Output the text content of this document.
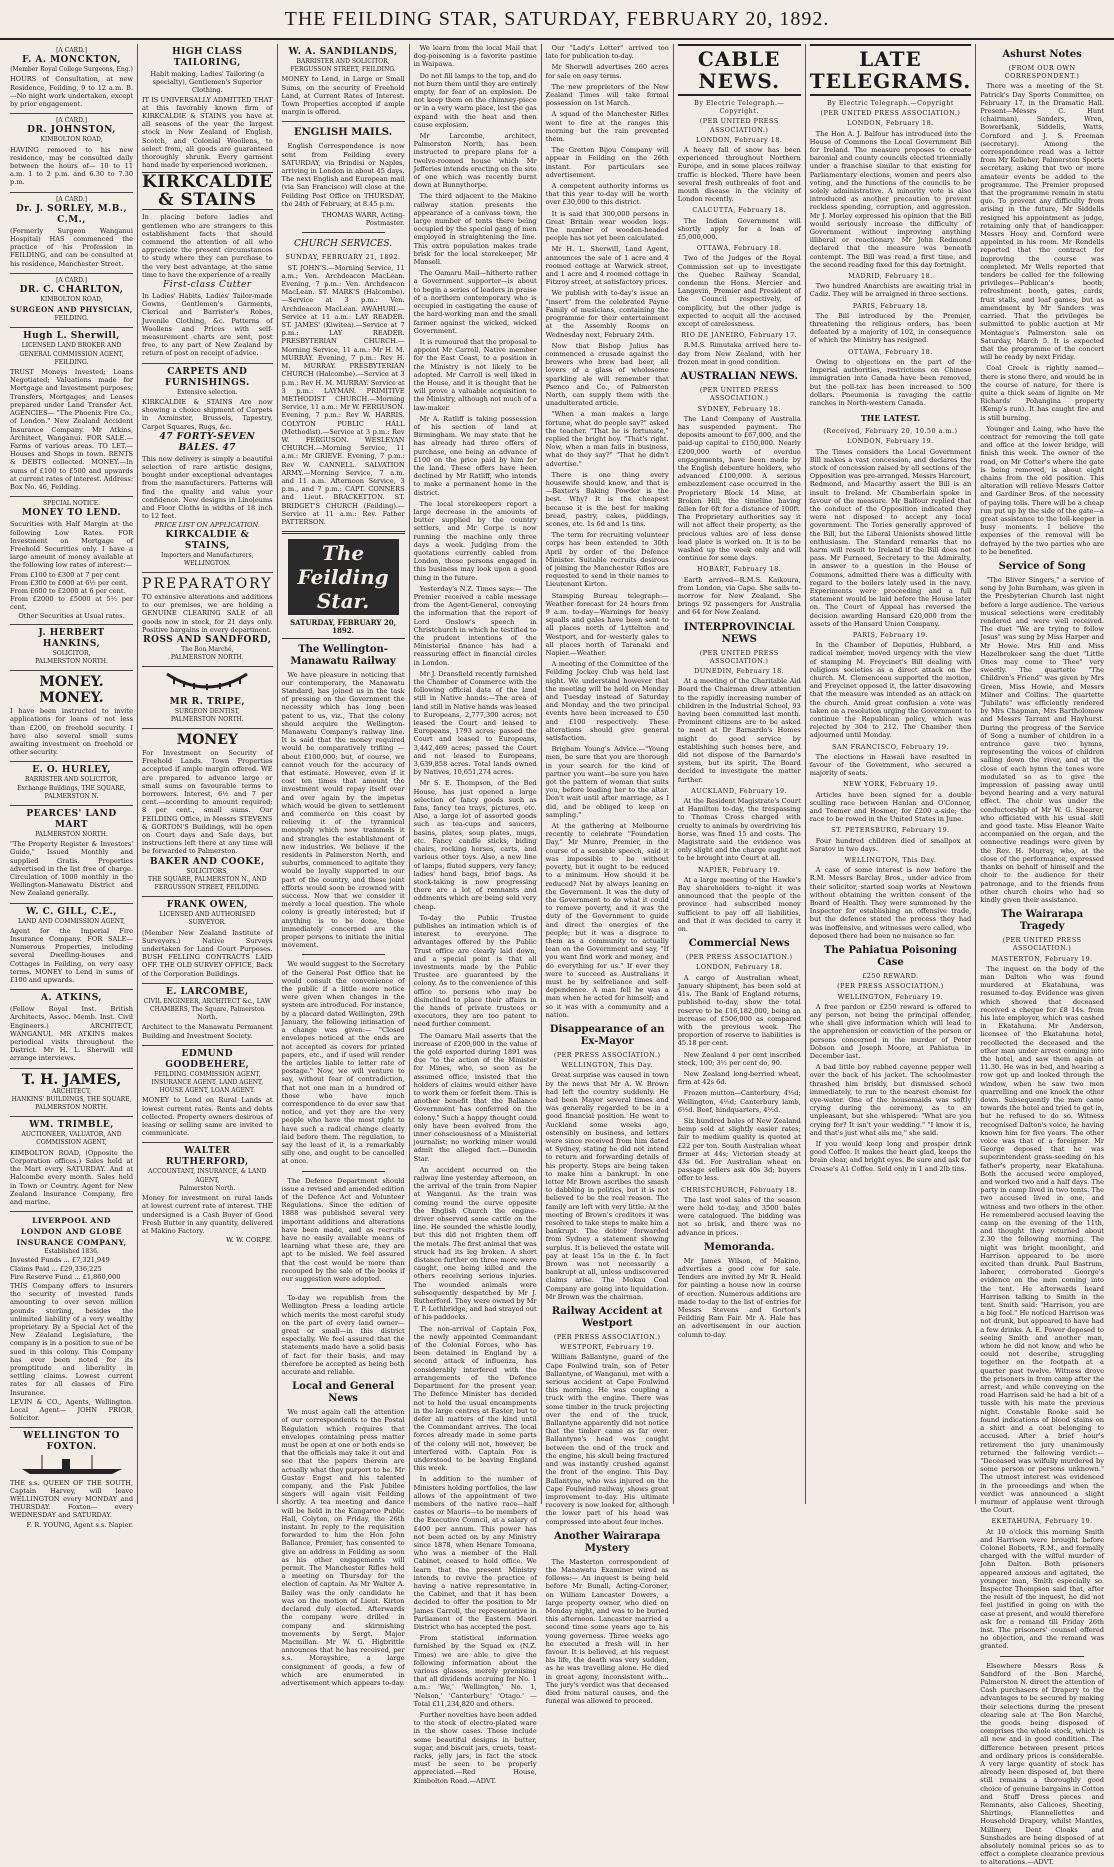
THE FEILDING STAR, SATURDAY, FEBRUARY 20, 1892.
[A CARD.]
F. A. MONCKTON,
(Member Royal College Surgeons, Eng.)

HOURS of Consultation, at new Residence, Feilding, 9 to 12 a.m. B.—No night work undertaken, except by prior engagement.

[A CARD.]
DR. JOHNSTON,
KIMBOLTON ROAD,

HAVING removed to his new residence, may be consulted daily between the hours of— 10 to 11 a.m. 1 to 2 p.m. and 6.30 to 7.30 p.m.

[A CARD.]
Dr. J. SORLEY, M.B., C.M.,

(Formerly Surgeon Wanganui Hospital) HAS commenced the practice of his Profession in FEILDING, and can be consulted at his residence, Manchester Street.

[A CARD.]
DR. C. CHARLTON,
KIMBOLTON ROAD,
SURGEON AND PHYSICIAN,
FEILDING.
Hugh L. Sherwill,
LICENSED LAND BROKER AND GENERAL COMMISSION AGENT, FEILDING.

TRUST Moneys Invested; Loans Negotiated; Valuations made for Mortgage and Investment purposes; Transfers, Mortgages, and Leases prepared under Land Transfer Act. AGENCIES— "The Phoenix Fire Co., of London." New Zealand Accident Insurance Company. Mr Atkins, Architect, Wanganui. FOR SALE.—Farms of various areas. TO LET.—Houses and Shops in town. RENTS & DEBTS collected. MONEY.—In sums of £100 to £500 and upwards at current rates of interest. Address: Box No. 46, Feilding.

SPECIAL NOTICE.
MONEY TO LEND.

Securities with Half Margin at the following Low Rates. FOR Investment on Mortgage of Freehold Securities only. I have a large amount of money available at the following low rates of interest:—

From £100 to £300 at 7 per cent
From £300 to £600 at 6½ per cent.
From £600 to £2000 at 6 per cent.
From £2000 to £5000 at 5½ per cent.
Other Securities at Usual rates.
J. HERBERT HANKINS,
SOLICITOR,
PALMERSTON NORTH.
MONEY. MONEY.

I have been instructed to invite applications for loans of not less than £200, on freehold security. I have also several small sums awaiting investment on freehold or other security.

E. O. HURLEY,
BARRISTER AND SOLICITOR, Exchange Buildings, THE SQUARE, PALMERSTON N.
PEARCES' LAND MART
PALMERSTON NORTH.

"The Property Register & Investors' Guide," Issued Monthly and supplied Gratis. Properties advertised in the list free of charge. Circulation of 1000 monthly in the Wellington-Manawatu District and New Zealand generally.

W. C. GILL, C.E.,
LAND AND COMMISSION AGENT,

Agent for the Imperial Fire Insurance Company. FOR SALE—Numerous Properties, including several Dwelling-houses and Cottages in Feilding, on very easy terms. MONEY to Lend in sums of £100 and upwards.

A. ATKINS,

(Fellow Royal Inst. British Architects, Assoc. Memb. Inst. Civil Engineers.) ARCHITECT, WANGANUI. MR ATKINS makes periodical visits throughout the District. Mr H. L. Sherwill will arrange interviews.

T. H. JAMES,
ARCHITECT,
HANKINS' BUILDINGS, THE SQUARE, PALMERSTON NORTH.
WM. TRIMBLE,
AUCTIONEER, VALUATOR, AND COMMISSION AGENT,

KIMBOLTON ROAD, (Opposite the Corporation offices.) Sales held at the Mart every SATURDAY. And at Halcombe every month. Sales held in Town or Country. Agent for New Zealand Insurance Company, fire and marine.

LIVERPOOL AND LONDON AND GLOBE INSURANCE COMPANY,
Established 1836.
Invested Funds ... £7,321,949
Claims Paid ... £29,336,225
Fire Reserve Fund ... £1,860,000

THIS Company offers to insurers the security of invested funds amounting to over seven million pounds sterling, besides the unlimited liability of a very wealthy proprietary. By a Special Act of the New Zealand Legislature, the company is in a position to sue or be sued in this colony. This Company has ever been noted for its promptitude and liberality in settling claims. Lowest current rates for all classes of Fire Insurance.

LEVIN & CO., Agents, Wellington. Local Agent— JOHN PRIOR, Solicitor.

WELLINGTON TO FOXTON.

THE s.s. QUEEN OF THE SOUTH, Captain Harvey, will leave WELLINGTON every MONDAY and THURSDAY. Foxton— every WEDNESDAY and SATURDAY.

F. R. YOUNG, Agent s.s. Napier.
HIGH CLASS TAILORING,

Habit making, Ladies' Tailoring (a specialty), Gentlemen's Superior Clothing.

IT IS UNIVERSALLY ADMITTED THAT at this favorably known firm of KIRKCALDIE & STAINS you have at all seasons of the year the largest stock in New Zealand of English, Scotch, and Colonial Woollens, to select from, all goods are guaranteed thoroughly shrunk. Every garment hand made by experienced workmen.

KIRKCALDIE & STAINS

In placing before ladies and gentlemen who are strangers to this establishment facts that should commend the attention of all who appreciate the present circumstances to study where they can purchase to the very best advantage, at the same time to have the experience of a really

First-class Cutter

In Ladies' Habits, Ladies' Tailor-made Gowns, Gentlemen's Garments, Clerical and Barrister's Robes, Juvenile Clothing, &c. Patterns of Woollens and Prices with self-measurement charts are sent, post free, to any part of New Zealand by return of post on receipt of advice.

CARPETS AND FURNISHINGS.
Extensive selection.

KIRKCALDIE & STAINS Are now showing a choice shipment of Carpets in Axminster, Brussels, Tapestry, Carpet Squares, Rugs, &c.

47 FORTY-SEVEN BALES. 47

This new delivery is simply a beautiful selection of rare artistic designs, bought under exceptional advantages from the manufacturers. Patterns will find the quality and value your confidence. New designs in Linoleums and Floor Cloths in widths of 18 inch to 12 feet.

PRICE LIST ON APPLICATION.
KIRKCALDIE & STAINS,
Importers and Manufacturers, WELLINGTON.
PREPARATORY

TO extensive alterations and additions to our premises, we are holding a GENUINE CLEARING SALE of all goods now in stock, for 21 days only. Positive bargains in every department.

ROSS AND SANDFORD,
The Bon Marché,
PALMERSTON NORTH.
MR R. TRIPE,
SURGEON DENTIST,
PALMERSTON NORTH.
MONEY

For Investment on Security of Freehold Lands. Town Properties accepted if ample margin offered. WE are prepared to advance large or small sums on favourable terms to borrowers. Interest, 6½ and 7 per cent.—according to amount required; 8 per cent., small sums. Our FEILDING Office, in Messrs STEVENS & GORTON'S Buildings, will be open on Court days and Sale days, but instructions left there at any time will be forwarded to Palmerston.

BAKER AND COOKE,
SOLICITORS,
THE SQUARE, PALMERSTON N., AND FERGUSSON STREET, FEILDING.
FRANK OWEN,
LICENSED AND AUTHORISED SURVEYOR.

(Member New Zealand Institute of Surveyors.) Native Surveys undertaken for Land Court Purposes. BUSH FELLING CONTRACTS LAID OFF. THE OLD SURVEY OFFICE, Back of the Corporation Buildings.

E. LARCOMBE,
CIVIL ENGINEER, ARCHITECT &c., LAW CHAMBERS, The Square, Palmerston North.

Architect to the Manawatu Permanent Building and Investment Society.

EDMUND GOODBEHERE,
FEILDING. COMMISSION AGENT, INSURANCE AGENT, LAND AGENT, HOUSE AGENT, LOAN AGENT.

MONEY to Lend on Rural Lands at lowest current rates. Rents and debts collected. Property owners desirous of leasing or selling same are invited to communicate.

WALTER RUTHERFORD,
ACCOUNTANT, INSURANCE, & LAND AGENT,
Palmerston North.

Money for investment on rural lands at lowest current rate of interest. THE undersigned is a Cash Buyer of Good Fresh Butter in any quantity, delivered at Makino Factory.

W. W. CORPE.
W. A. SANDILANDS,
BARRISTER AND SOLICITOR,
FERGUSSON STREET, FEILDING.

MONEY to Lend, in Large or Small Sums, on the security of Freehold Land, at Current Rates of Interest. Town Properties accepted if ample margin is offered.

ENGLISH MAILS.

English Correspondence is now sent from Feilding every SATURDAY, via Brindisi or Naples, arriving in London in about 45 days. The next English and European mail (via San Francisco) will close at the Feilding Post Office on THURSDAY, the 24th of February, at 8.45 p.m.

THOMAS WARR, Acting-Postmaster.

CHURCH SERVICES.
SUNDAY, FEBRUARY 21, 1892.

ST. JOHN'S.—Morning Service, 11 a.m.; Ven. Archdeacon MacLean. Evening, 7 p.m.: Ven. Archdeacon MacLean. ST. MARK'S (Halcombe).—Service at 3 p.m.: Ven. Archdeacon MacLean. AWAHURI.—Service at 11 a.m.: LAY READER. ST. JAMES' (Kiwitea).—Service at 7 p.m.: LAY READER. PRESBYTERIAN CHURCH.—Morning Service, 11 a.m.: Mr H. M. MURRAY. Evening, 7 p.m.: Rev H. M. MURRAY. PRESBYTERIAN CHURCH (Halcombe).—Service at 3 p.m.: Rev H. M. MURRAY. Service at 3 p.m.: LAYMAN. PRIMITIVE METHODIST CHURCH.—Morning Service, 11 a.m.: Mr W. FERGUSON. Evening, 7 p.m.: Rev W. HARRIS. COLYTON PUBLIC HALL (Methodist).—Service at 3 p.m.: Rev W. FERGUSON. WESLEYAN CHURCH.—Morning Service, 11 a.m.: Mr GRIEVE. Evening, 7 p.m.: Rev W. CANNELL. SALVATION ARMY.—Morning Service, 7 a.m. and 11 a.m. Afternoon Service, 3 p.m., and 7 p.m.: CAPT. CONNERS and Lieut. BRACKETTON. ST. BRIDGET'S CHURCH (Feilding).—Service at 11 a.m.: Rev. Father PATTERSON.

The Feilding Star.
SATURDAY, FEBRUARY 20, 1892.
The Wellington-Manawatu Railway

We have pleasure in noticing that our contemporary, the Manawatu Standard, has joined us in the task of pressing on the Government the necessity which has long been patent to us, viz., That the colony should acquire the Wellington-Manawatu Company's railway line. It is said that the money required would be comparatively trifling —about £100,000; but, of course, we cannot vouch for the accuracy of that estimate. However, even if it cost ten times that amount the investment would repay itself over and over again by the impetus which would be given to settlement and commerce on this coast by relieving it of the tyrannical monopoly which now trammels it and strangles the establishment of new industries. We believe if the residents in Palmerston North, and suburbs, commenced to agitate they would be loyally supported in our part of the country, and these joint efforts would soon be crowned with success. Now that we consider it merely a local question. The whole colony is greatly interested; but if anything is to be done, those immediately concerned are the proper persons to initiate the initial movement.

We would suggest to the Secretary of the General Post Office that he would consult the convenience of the public if a little more notice were given when changes in the system are introduced. For instance, by a placard dated Wellington, 29th January, the following intimation of a change was given:— "Closed envelopes noticed at the ends are not accepted as covers for printed papers, etc., and if used will render the articles liable to letter rate of postage." Now, we will venture to say, without fear of contradiction, that not one man in a hundred of those who have much correspondence to do ever saw that notice, and yet they are the very people who have the most right to have such a radical change clearly laid before them. The regulation, to say the least of it, is a remarkably silly one, and ought to be cancelled at once.

The Defence Department should issue a revised and amended edition of the Defence Act and Volunteer Regulations. Since the edition of 1888 was published several very important additions and alterations have been made, and as recruits have no easily available means of learning what these are, they are apt to be misled. We feel assured that the cost would be more than recouped by the sale of the books if our suggestion were adopted.

To-day we republish from the Wellington Press a leading article which merits the most careful study on the part of every land owner—great or small—in this district especially. We feel assured that the statements made have a solid basis of fact for their basis, and may therefore be accepted as being both accurate and reliable.

Local and General News

We must again call the attention of our correspondents to the Postal Regulation which requires that envelopes containing press matter must be open at one or both ends so that the officials may take it out and see that the papers therein are actually what they purport to be. Mr Gustav Engst and his talented company, and the Fisk Jubilee singers will again visit Feilding shortly. A tea meeting and dance will be held in the Kangaroo Public Hall, Colyton, on Friday, the 26th instant. In reply to the requisition forwarded to him the Hon John Ballance, Premier, has consented to give an address in Feilding as soon as his other engagements will permit. The Manchester Rifles held a meeting on Thursday for the election of captain. As Mr Walter A. Bailey was the only candidate he was on the motion of Lieut. Kirton declared duly elected. Afterwards the company were drilled in company and skirmishing movements by Sergt. Major Macmillan. Mr W. G. Higbrittle announces that he has received, per s.s. Morayshire, a large consignment of goods, a few of which are enumerated in advertisement which appears to-day.

We learn from the local Mail that dog-poisoning is a favorite pastime in Waipawa.

Do not fill lamps to the top, and do not burn them until they are entirely empty, for fear of an explosion. Do not keep them on the chimney-piece or in a very warm place, lest the gas expand with the heat and then cause explosion.

Mr Larcombe, architect, Palmerston North, has been instructed to prepare plans for a twelve-roomed house which Mr Jefferies intends erecting on the site of one which was recently burnt down at Bunnythorpe.

The third adjacent to the Makino railway station presents the appearance of a canvass town, the large number of tents there being occupied by the special gang of men employed in straightening the line. This extra population makes trade brisk for the local storekeeper, Mr Mansell.

The Oamaru Mail—hitherto rather a Government supporter—is about to begin a series of leaders in praise of a northern contemporary who is occupied in castigating the cause of the hard-working man and the small farmer against the wicked, wicked Government.

It is rumoured that the proposal to appoint Mr Carroll, Native member for the East Coast, to a position in the Ministry is not likely to be adopted. Mr Carroll is well liked in the House, and it is thought that he will prove a valuable acquisition to the Ministry, although not much of a law-maker.

Mr A. Ratliff is taking possession of his section of land at Birmingham. We may state that he has already had three offers of purchase, one being an advance of £100 on the price paid by him for the land. These offers have been declined by Mr Ratliff, who intends to make a permanent home in the district.

The local storekeepers report a large decrease in the amounts of butter supplied by the country settlers, and Mr Corpe is now running the machine only three days a week. Judging from the quotations currently cabled from London, those persons engaged in this business may look upon a good thing in the future.

Yesterday's N.Z. Times says:— The Premier received a cable message from the Agent-General, conveying the information that the report of Lord Onslow's speech in Christchurch in which he testified to the prudent intentions of the Ministerial finance has had a reassuring effect in financial circles in London.

Mr J. Dransfield recently furnished the Chamber of Commerce with the following official data of the land still in Native hands:—The area of land still in Native hands was leased to Europeans, 2,777,300 acres; not leased the Court and leased to Europeans, 1793 acres; passed the Court and leased to Europeans, 3,442,469 acres; passed the Court and not leased to Europeans, 3,639,858 acres. Total lands owned by Natives, 10,651,274 acres.

Mr S. E. Thompson, of the Bed House, has just opened a large selection of fancy goods such as fans, fancy tea trays, pictures, etc. Also, a large lot of assorted goods such as tea-cups and saucers, basins, plates, soup plates, mugs, etc. Fancy candle sticks, biding chairs, rocking horses, carts, and various other toys. Also, a new line of lamps, fluted suppers, very fancy; ladies' hand bags, brief bags. As stock-taking is now progressing there are a lot of remnants and oddments which are being sold very cheap.

To-day the Public Trustee publishes an intimation which is of interest to everyone. The advantages offered by the Public Trust office are clearly laid down, and a special point is that all investments made by the Public Trustee are guaranteed by the colony. As to the convenience of this office to persons who may be disinclined to place their affairs in the hands of private trustees or executors, they are too patent to need further comment.

The Oamaru Mail asserts that the increase of £200,000 in the value of the gold exported during 1891 was due "to the action of the Minister for Mines, who, so soon as he assumed office, insisted that the holders of claims would either have to work them or forfeit them. This is another benefit that the Ballance Government has conferred on the colony." Such a happy thought could only have been evolved from the inner consciousness of a Ministerial journalist; no working miner would admit the alleged fact.—Dunedin Star.

An accident occurred on the railway line yesterday afternoon, on the arrival of the train from Napier at Wanganui. As the train was coming round the curve opposite the English Church the engine-driver observed some cattle on the line. He sounded the whistle loudly, but this did not frighten them off the metals. The first animal that was struck had its leg broken. A short distance further on three more were caught, one being killed and the others receiving serious injuries. The wounded animals were subsequently despatched by Mr J. Rutherford. They were owned by Mr T. P. Lethbridge, and had strayed out of his paddocks.

The non-arrival of Captain Fox, the newly appointed Commandant of the Colonial Forces, who has been detained in England by a second attack of influenza, has considerably interfered with the arrangements of the Defence Department for the present year. The Defence Minister has decided not to hold the usual encampments in the large centres at Easter, but to defer all matters of the kind until the Commandant arrives. The local forces already made in some parts of the colony will not, however, be interfered with. Captain Fox is understood to be leaving England this week.

In addition to the number of Ministers holding portfolios, the law allows of the appointment of two members of the native race—half castes or Maoris—to be members of the Executive Council, at a salary of £400 per annum. This power has not been acted on by any Ministry since 1878, when Henare Tomoana, who was a member of the Hall Cabinet, ceased to hold office. We learn that the present Ministry intends to revive the practice of having a native representative in the Cabinet, and that it has been decided to offer the position to Mr James Carroll, the representative in Parliament of the Eastern Maori District who has accepted the post.

From statistical information furnished by the Squad ex (N.Z. Times) we are able to give the following information about the various glasses, merely premising that all dividends accruing for No. 1 a.m.: 'We,' 'Wellington,' No. 1, 'Nelson,' 'Canterbury,' 'Otago.' — Total £11,234,820 and others.

Further novelties have been added to the stock of electro-plated ware in the show cases. These include some beautiful designs in butter, sugar, and biscuit jars, cruets, toast-racks, jelly jars, in fact the stock must be seen to be properly appreciated.—Red House, Kimbolton Road.—ADVT.

Our "Lady's Letter" arrived too late for publication to-day.

Mr Sherwill advertises 260 acres for sale on easy terms.

The new proprietors of the New Zealand Times will take formal possession on 1st March.

A squad of the Manchester Rifles went to fire at the ranges this morning but the rain prevented them.

The Gretton Bijou Company will appear in Feilding on the 26th instant. For particulars see advertisement.

A competent authority informs us that this year to-day will be worth over £30,000 to this district.

It is said that 300,000 persons in Great Britain wear wooden legs. The number of wooden-headed people has not yet been calculated.

Mr H. L. Sherwill, Land Agent, announces the sale of 1 acre and 4 roomed cottage at Warwick street, and 1 acre and 4 roomed cottage in Fitzroy street, at satisfactory prices.

We publish with to-day's issue an "insert" from the celebrated Payne Family of musicians, containing the programme for their entertainment at the Assembly Rooms on Wednesday next, February 24th.

Now that Bishop Julius has commenced a crusade against the brewers who brew bad beer, all lovers of a glass of wholesome sparkling ale will remember that Psenco and Co., of Palmerston North, can supply them with the unadulterated article.

"When a man makes a large fortune, what do people say?" asked the teacher. "That he is fortunate," replied the bright boy. "That's right. Now, when a man fails in business, what do they say?" "That he didn't advertise."

There is one thing every housewife should know, and that is—Baxter's Baking Powder is the best. Why? It is the cheapest because it is the best for making bread, pastry, cakes, puddings, scones, etc. 1s 6d and 1s tins.

The term for recruiting volunteer corps has been extended to 30th April by order of the Defence Minister. Suitable recruits desirous of joining the Manchester Rifles are requested to send in their names to Lieutenant Kirton.

Stamping Bureau telegraph:—Weather forecast for 24 hours from 9 a.m. to-day—Warnings for heavy squalls and gales have been sent to all places north of Lyttelton and Westport, and for westerly gales to all places north of Taranaki and Napier.—Weather.

A meeting of the Committee of the Feilding Jockey Club was held last night. We understand however that the meeting will be held on Monday and Tuesday instead of Saturday and Monday, and the two principal events have been increased to £50 and £100 respectively. These alterations should give general satisfaction.

Brigham Young's Advice.—"Young men, be sure that you are thorough in your search for the kind of partner you want—be sure you have got the pattern of woman that suits you, before leading her to the altar. Don't wait until after marriage, as I did, and be obliged to keep on sampling."

At the gathering at Melbourne recently to celebrate "Foundation Day," Mr Munro, Premier, in the course of a sensible speech, said it was impossible to be without poverty, but it ought to be reduced to a minimum. How should it be reduced? Not by always leaning on the Government. It was the duty of the Government to do what it could to remove poverty, and it was the duty of the Government to guide and direct the energies of the people; but it was a disgrace to them as a community to actually lean on the Government and say, "If you want find work and money, and do everything for us." If ever they were to succeed as Australians it must be by selfreliance and self-dependence. A man fell he was a man when he acted for himself; and so it was with a community and a nation.

Disappearance of an Ex-Mayor
(PER PRESS ASSOCIATION.)
WELLINGTON, This Day.

Great surprise was caused in town by the news that Mr A. W. Brown had left the country suddenly. He had been Mayor several times and was generally regarded to be in a good financial position. He went to Auckland some weeks ago, ostensibly on business, and letters were since received from him dated at Sydney, stating he did not intend to return and forwarding details of his property. Steps are being taken to make him a bankrupt. In one letter Mr Brown ascribes the smash to dabbling in politics, but it is not believed to be the real reason. The family are left with very little. At the meeting of Brown's creditors it was resolved to take steps to make him a bankrupt. The debtor forwarded from Sydney a statement showing surplus. It is believed the estate will pay at least 15s in the £. In fact Brown was not necessarily a bankrupt at all, unless undiscovered claims arise. The Mokau Coal Company are going into liquidation. Mr Brown was the chairman.

Railway Accident at Westport
(PER PRESS ASSOCIATION.)
WESTPORT, February 19.

William Ballantyne, guard of the Cape Foulwind train, son of Peter Ballantyne, of Wanganui, met with a serious accident at Cape Foulwind this morning. He was coupling a truck with the engine. There was some timber in the truck projecting over the end of the truck, Ballantyne apparently did not notice that the timber came as far over. Ballantyne's head was caught between the end of the truck and the engine, his skull being fractured and was instantly crushed against the front of the engine. This Day. Ballantyne, who was injured on the Cape Foulwind railway, shows great improvement to-day. His ultimate recovery is now looked for, although the lower part of his head was compressed into about four inches.

Another Wairarapa Mystery

The Masterton correspondent of the Manawatu Examiner wired as follows:— An inquest is being held before Mr Bunall, Acting-Coroner, on William Lancaster Dowers, a large property owner, who died on Monday night, and was to be buried this afternoon. Lancaster married a second time some years ago to his young governess. Three weeks ago he executed a fresh will in her favour. It is believed, at his request his life, the death was very sudden, as he was travelling alone. He died in great agony, inconsistent with... The jury's verdict was that deceased died from natural causes, and the funeral was allowed to proceed.

CABLE NEWS.
By Electric Telegraph.—Copyright.
(PER UNITED PRESS ASSOCIATION.)
LONDON, February 18.

A heavy fall of snow has been experienced throughout Northern Europe, and in some places railway traffic is blocked. There have been several fresh outbreaks of foot and mouth disease in the vicinity of London recently.

CALCUTTA, February 18.

The Indian Government will shortly apply for a loan of £5,000,000.

OTTAWA, February 18.

Two of the Judges of the Royal Commission set up to investigate the Quebec Railway Scandal, condemn the Hons. Mercier and Langevin, Premier and President of the Council respectively, of complicity, but the other judge is expected to acquit all the accused except of carelessness.

RIO DE JANEIRO, February 17.

R.M.S. Rimutaka arrived here to-day from New Zealand, with her frozen meat in good condition.

AUSTRALIAN NEWS.
(PER UNITED PRESS ASSOCIATION.)
SYDNEY, February 18.

The Land Company of Australia has suspended payment. The deposits amount to £67,000, and the paid-up capital to £150,000. Nearly £200,000 worth of overdue engagements, have been made by the English debenture holders, who advanced £100,000. A serious embezzlement case occurred in the Proprietary Block 14 Mine, at Broken Hill, the timeline having fallen for 6ft for a distance of 100ft. The Proprietary authorities say it will not affect their property, as the precious values are of less dense load place is worked on. It is to be washed up the week only and will continue for some days.

HOBART, February 18.

Earth arrived—R.M.S. Kaikoura, from London, via Cape. She sails to-morrow for New Zealand. She brings 92 passengers for Australia and 64 for New Zealand.

INTERPROVINCIAL NEWS
(PER UNITED PRESS ASSOCIATION.)
DUNEDIN, February 18.

At a meeting of the Charitable Aid Board the Chairman drew attention to the rapidly increasing number of children in the Industrial School, 93 having been committed last month. Prominent citizens are to be asked to meet at Dr Barnardo's Homes might do good service by establishing such homes here, and did not dispose of the Barnardo's system, but its spirit. The Board decided to investigate the matter further.

AUCKLAND, February 19.

At the Resident Magistrate's Court at Hamilton to-day, the trespassing to Thomas Cross charged with cruelty to animals by overdriving his horse, was fined 15 and costs. The Magistrate said the evidence was only slight and the charge ought not to be brought into Court at all.

NAPIER, February 19.

At a large meeting of the Hawke's Bay shareholders to-night it was announced that the people of the province had subscribed money sufficient to pay off all liabilities, and that it was decided to carry it on.

Commercial News
(PER PRESS ASSOCIATION.)
LONDON, February 18.

A cargo of Australian wheat, January shipment, has been sold at 41s. The Bank of England returns, published to-day, show the total reserve to be £16,182,000, being an increase of £506,000 as compared with the previous week. The proportion of reserve to liabilities is 45.18 per cent.

New Zealand 4 per cent inscribed stock, 100; 3½ per cent do, 90.

New Zealand long-berried wheat, firm at 42s 6d.

Frozen mutton—Canterbury, 4½d; Wellington, 4½d; Canterbury lamb, 6½d. Beef, hindquarters, 4½d.

Six hundred bales of New Zealand hemp sold at slightly easier rates; fair to medium quality is quoted at £22 per ton. South Australian wheat firmer at 44s; Victorian steady at 43s 6d. For Australian wheat on passage sellers ask 40s 3d; buyers offer to less.

CHRISTCHURCH, February 18.

The last wool sales of the season were held to-day, and 3500 bales were catalogued. The bidding was not so brisk, and there was no advance in prices.

Memoranda.

Mr James Wilson, of Makino, advertises a good cow for sale. Tenders are invited by Mr R. Heald for painting a house now in course of erection. Numerous additions are made to-day to the list of entries for Messrs Stevens and Gorton's Feilding Ram Fair. Mr A. Hale has an advertisement in our auction column to-day.

LATE TELEGRAMS.
By Electric Telegraph.—Copyright
(PER UNITED PRESS ASSOCIATION.)
LONDON, February 18.

The Hon A. J. Balfour has introduced into the House of Commons the Local Government Bill for Ireland. The measure proposes to create baronial and county councils elected triennially under a franchise similar to that existing for Parliamentary elections, women and peers also voting, and the functions of the councils to be solely administrative. A minority vote is also introduced as another precaution to prevent reckless spending, corruption, and aggression. Mr J. Morley expressed his opinion that the Bill would seriously increase the difficulty of Government without improving anything illiberal or reactionary. Mr John Redmond declared that the measure was beneath contempt. The Bill was read a first time, and the second reading fixed for this day fortnight.

MADRID, February 18.

Two hundred Anarchists are awaiting trial in Cadiz. They will be arraigned in three sections.

PARIS, February 18.

The Bill introduced by the Premier, threatening the religious orders, has been defeated by a majority of 102, in consequence of which the Ministry has resigned.

OTTAWA, February 18.

Owing to objections on the part of the Imperial authorities, restrictions on Chinese immigration into Canada have been removed, but the poll-tax has been increased to 500 dollars. Pneumonia is ravaging the cattle ranches in North-western Canada.

THE LATEST.
(Received, February 20, 10.50 a.m.)
LONDON, February 19.

The Times considers the Local Government Bill makes a vast concession, and declares the stock of concession raised by all sections of the Opposition was pre-arranged. Messrs Harcourt, Redmond, and Macarthy assert the Bill is an insult to Ireland. Mr Chamberlain spoke in favour of the measure. Mr Balfour replied that the conduct of the Opposition indicated they were not disposed to accept any local government. The Tories generally approved of the Bill, but the Liberal Unionists showed little enthusiasm. The Standard remarks that no harm will result to Ireland if the Bill does not pass. Mr Furnoed, Secretary to the Admiralty, in answer to a question in the House of Commons, admitted there was a difficulty with regard to the boilers lately used in the navy. Experiments were proceeding and a full statement would be laid before the House later on. The Court of Appeal has reversed the decision awarding Hansard £20,000 from the assets of the Hansard Union Company.

PARIS, February 19.

In the Chamber of Deputies, Hubbard, a radical member, moved urgency with the view of stamping M. Freycinet's Bill dealing with religious societies as a direct attack on the church. M. Clemenceau supported the motion, and Freycinet opposed it, the latter disavowing that the measure was intended as an attack on the church. Amid great confusion a vote was taken on a resolution urging the Government to continue the Republican policy, which was rejected by 304 to 212. The Chamber then adjourned until Monday.

SAN FRANCISCO, February 19.

The elections in Hawaii have resulted in favour of the Government, who secured a majority of seats.

NEW YORK, February 19.

Articles have been signed for a double sculling race between Hanlan and O'Connor, and Teemer and Hosmer, for £200 a-side; the race to be rowed in the United States in June.

ST. PETERSBURG, February 19.

Four hundred children died of smallpox at Saratov in two days.

WELLINGTON, This Day.

A case of some interest is now before the R.M. Messrs Barclay Bros., under advice from their solicitor, started soap works at Newtown without obtaining the written consent of the Board of Health. They were summoned by the Inspector for establishing an offensive trade, but the defence stated the process they had was inoffensive, and witnesses were called, who deposed there had been no nuisance so far.

The Pahiatua Poisoning Case
£250 REWARD.
(PER PRESS ASSOCIATION.)
WELLINGTON, February 19.

A free pardon or £250 reward is offered to any person, not being the principal offender, who shall give information which will lead to the apprehension or conviction of the person or persons concerned in the murder of Peter Dobson and Joseph Moore, at Pahiatua in December last.

A bad little boy rubbed cayenne pepper well over the back of his jacket. The schoolmaster thrashed him briskly, but dismissed school immediately, to run to the nearest chemist for eye-water. One of the housemaids was softly crying during the ceremony, as to an unpleasant, but she whispered: "What are you crying for? It isn't your wedding." "I know it is, and that's just what ails me," she said.

If you would keep long and prosper drink good Coffee. It makes the heart glad, keeps the brain clear, and bright eyes. Be sure and ask for Crease's A1 Coffee. Sold only in 1 and 2lb tins.

Ashurst Notes
(FROM OUR OWN CORRESPONDENT.)

There was a meeting of the St. Patrick's Day Sports Committee, on February 17, in the Dramatic Hall. Present—Messrs C. Hunt (chairman), Sanders, Wren, Bowerbank, Siddells, Watts, Cornford and J. S. Freeman (secretary). Among the correspondence read was a letter from Mr Kelleher, Palmerston Sports secretary, asking that two or more amateur events be added to the programme. The Premier proposed that the programme remain in statu quo. To prevent any difficulty from arising in the future, Mr Siddells resigned his appointment as judge, retaining only that of handicapper. Messrs Hoey and Cornford were appointed in his room. Mr Rendells reported that the contract for improving the course was completed. Mr Wells reported that tenders be called for the following privileges—Publican's booth, refreshment booth, gates, cards, fruit stalls, and loaf games, but as amendment by Mr Sanders was carried. That the privileges be submitted to public auction at Mr Montague's Palmerston sale on Saturday, March 5. It is expected that the programme of the concert will be ready by next Friday.

Coal Creek is rightly named—there is stone there, and would be in the course of nature, for there is quite a thick seam of lignite on Mr Richards' Pohangina property (Kemp's run). It has caught fire and is still burning.

Younger and Laing, who have the contract for removing the toll gate and office at the lower bridge, will finish this week. The owner of the road, on Mr Cotter's where the gate is being removed, is about eight chains from the old position. This alteration will relieve Messrs Cotter and Gardiner Bros. of the necessity of paying tolls. There will be a cheap run put up by the side of the gate—a great assistance to the toll-keeper in busy moments. I believe the expenses of the removal will be defrayed by the two parties who are to be benefited.

Service of Song

"The Bliver Singers," a service of song by John Burnham, was given in the Presbyterian Church last night before a large audience. The various musical selections were creditably rendered and were well received. The duet "We are trying to follow Jesus" was sung by Miss Harper and Mr Howe. Mrs Hill and Miss Hazelbrokeer sang the duet "Little Ones may come to Thee" very sweetly. The quartette "The Children's Friend" was given by Mrs Green, Miss Howie, and Messrs Milner and Collins. The quartette "Jubilate" was efficiently rendered by Mrs Chapman, Mrs Bartholomew and Messrs Tarrant and Hayhurst. During the progress of the Service of Song a number of children in a entrance gave two hymns, representing the voices of children sailing down the river, and at the close of each hymn the tones were modulated so as to give the impression of passing away until beyond hearing and a very natural effect. The choir was under the conductorship of Mr W. G. Shearer, who officiated with his usual skill and good taste. Miss Eleanor Waite accompanied on the organ, and the connective readings were given by the Rev. H. Murray, who, at the close of the performance, expressed thanks on behalf of himself and the choir to the audience for their patronage, and to the friends from other church choirs who had so kindly given their assistance.

The Wairarapa Tragedy
(PER UNITED PRESS ASSOCIATION.)
MASTERTON, February 19.

The inquest on the body of the man Dalton who was found murdered at Ekatahuna, was resumed to-day. Evidence was given which showed that deceased received a cheque for £8 14s. from his late employer, which was cashed in Ekatahuna. Mr Anderson, licensee of the Ekatahuna hotel, recollected the deceased and the other man under arrest coming into the hotel, and saw them again at 11.30. He was in bed, and hearing a row got up and looked through the window, when he saw two men quarrelling and one knock the other down. Subsequently the men came towards the hotel and tried to get in, but he refused to do so. Witness recognised Dalton's voice, he having known him for five years. The other voice was that of a foreigner. Mr George deposed that he was superintendent grass-seeding on his father's property, near Ekatahuna. Both the accused were employed, and worked two and a half days. The party in camp lived in two tents. The two accused lived in one, and witness and two others in the other. He remembered accused leaving the camp on the evening of the 11th, and thought they returned about 2.30 the following morning. The night was bright moonlight, and Harrison appeared to be more excited than drunk. Paul Bastrum, laborer, corroborated George's evidence on the men coming into the tent. He afterwards heard Harrison talking to Smith in the tent. Smith said: "Harrison, you are a big fool." He noticed Harrison was not drunk, but appeared to have had a few drinks. A. E. Power deposed to seeing Smith and another man, whom he did not know, and who he could not describe, struggling together on the footpath at a quarter past twelve. Witness drove the prisoners in from camp after the arrest, and while conveying on the road Harrison said he had a bit of a tussle with his mate the previous night. Constable Rooke said he found indications of blood stains on a shirt and a coat belonging to accused. After a brief hour's retirement the jury unanimously returned the following verdict:— "Deceased was wilfully murdered by some person or persons unknown." The utmost interest was evidenced in the proceedings and when the verdict was announced a slight murmur of applause went through the Court.

EKETAHUNA, February 19.

At 10 o'clock this morning Smith and Harrison were brought before Colonel Roberts, R.M., and formally charged with the wilful murder of John Dalton. Both prisoners appeared anxious and agitated, the younger man, Smith especially so. Inspector Thompson said that, after the result of the inquest, he did not feel justified in going on with the case at present, and would therefore ask for a remand till Friday 26th inst. The prisoners' counsel offered no objection, and the remand was granted.

Elsewhere Messrs Ross & Sandford of the Bon Marché, Palmerston N. direct the attention of Cash purchasers of Drapery to the advantages to be secured by making their selections during the present clearing sale at The Bon Marché, the goods being disposed of comprises the whole stock, which is all new and in good condition. The difference between present prices and ordinary prices is considerable. A very large quantity of stock has already been disposed of, but there still remains a thoroughly good choice of genuine bargains in Cotton and Stuff Dress pieces and Remnants, also Calicoes, Sheeting, Shirtings, Flannellettes and Household Drapery, whilst Mantles, Millinery, Dent Cloaks and Sunshades are being disposed of at absolutely nominal prices so as to effect a complete clearance previous to alterations.—ADVT.
